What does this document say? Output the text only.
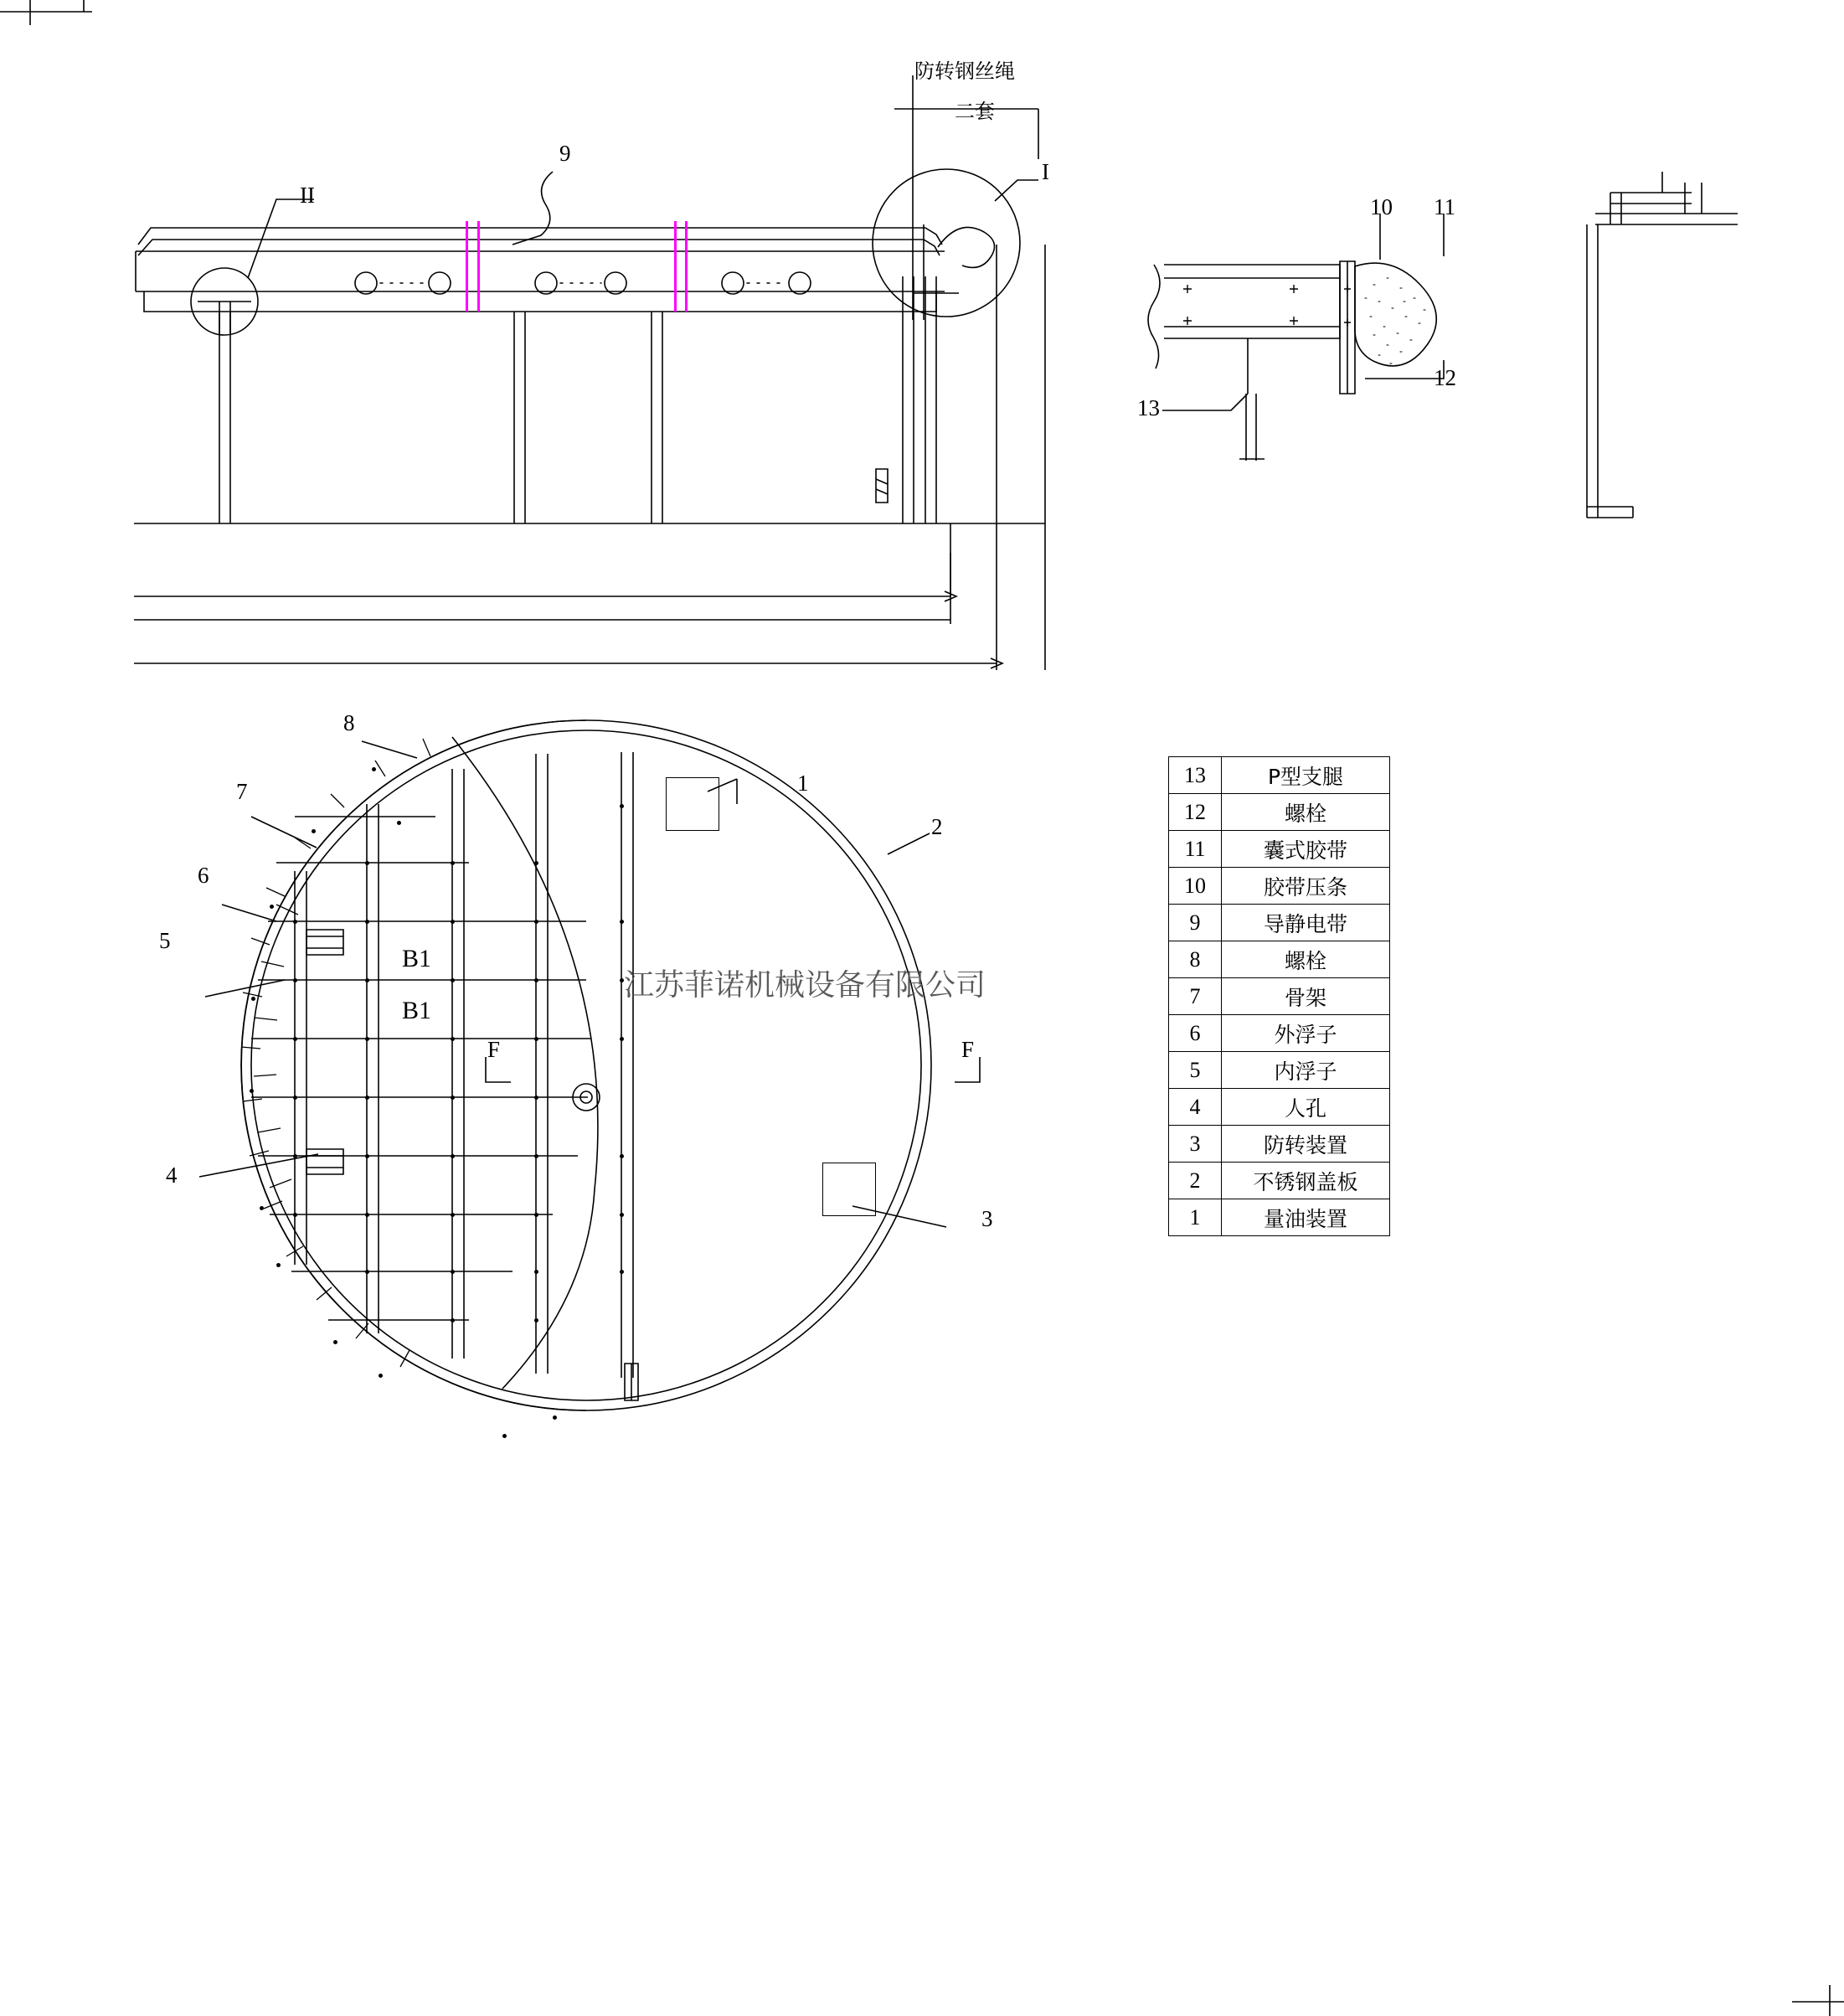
防转钢丝绳
二套
II
I
F	F
9
10 11
12
13
1
2
3
4
5
6
7
8
B1
B1
江苏菲诺机械设备有限公司
13	P型支腿
12	螺栓
11	囊式胶带
10	胶带压条
9	导静电带
8	螺栓
7	骨架
6	外浮子
5	内浮子
4	人孔
3	防转装置
2	不锈钢盖板
1	量油装置
